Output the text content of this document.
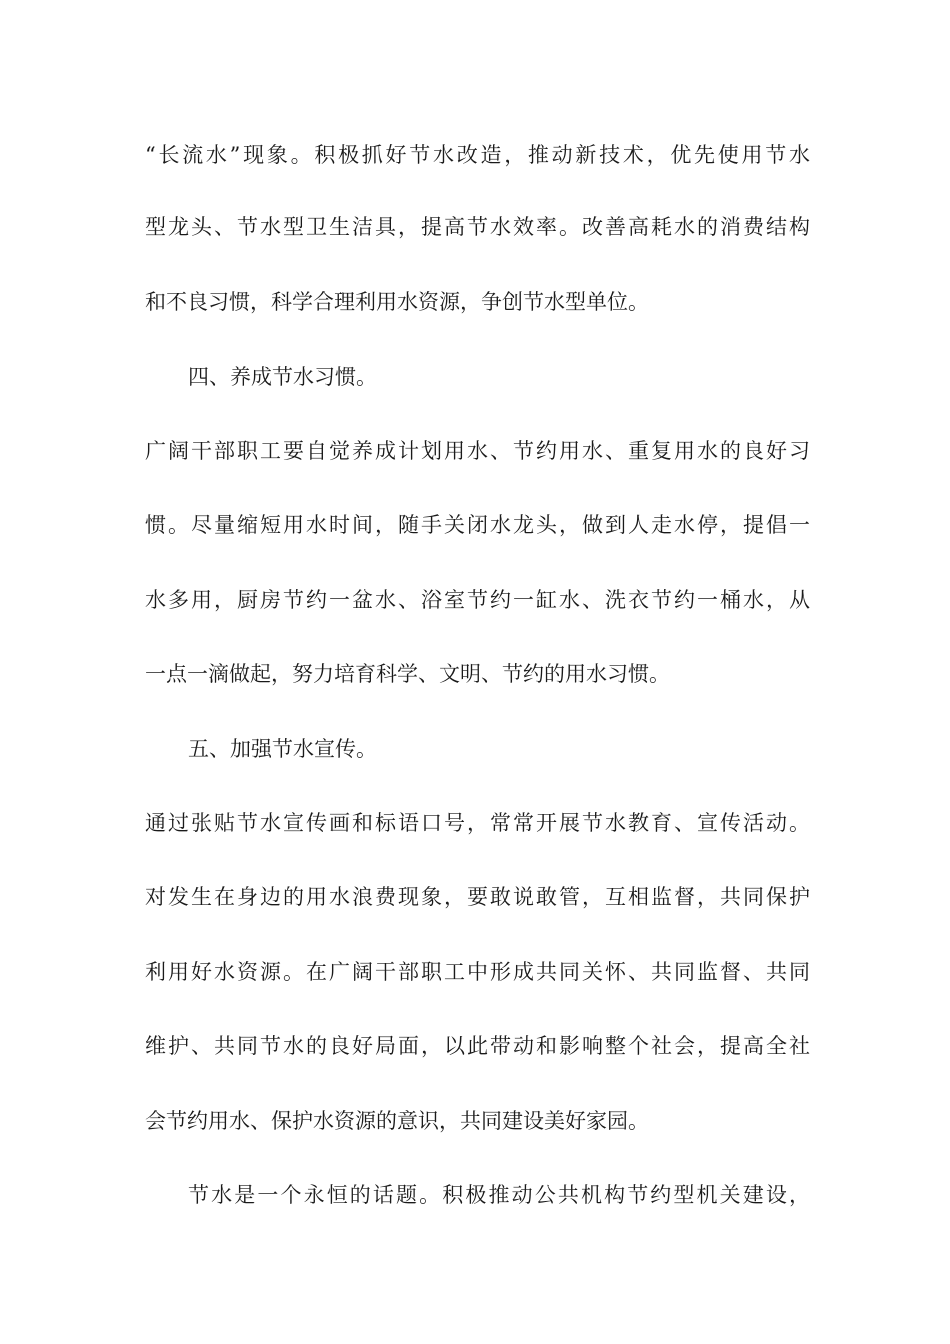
“长流水”现象。积极抓好节水改造，推动新技术，优先使用节水
型龙头、节水型卫生洁具，提高节水效率。改善高耗水的消费结构
和不良习惯，科学合理利用水资源，争创节水型单位。
四、养成节水习惯。
广阔干部职工要自觉养成计划用水、节约用水、重复用水的良好习
惯。尽量缩短用水时间，随手关闭水龙头，做到人走水停，提倡一
水多用，厨房节约一盆水、浴室节约一缸水、洗衣节约一桶水，从
一点一滴做起，努力培育科学、文明、节约的用水习惯。
五、加强节水宣传。
通过张贴节水宣传画和标语口号，常常开展节水教育、宣传活动。
对发生在身边的用水浪费现象，要敢说敢管，互相监督，共同保护
利用好水资源。在广阔干部职工中形成共同关怀、共同监督、共同
维护、共同节水的良好局面，以此带动和影响整个社会，提高全社
会节约用水、保护水资源的意识，共同建设美好家园。
节水是一个永恒的话题。积极推动公共机构节约型机关建设，
